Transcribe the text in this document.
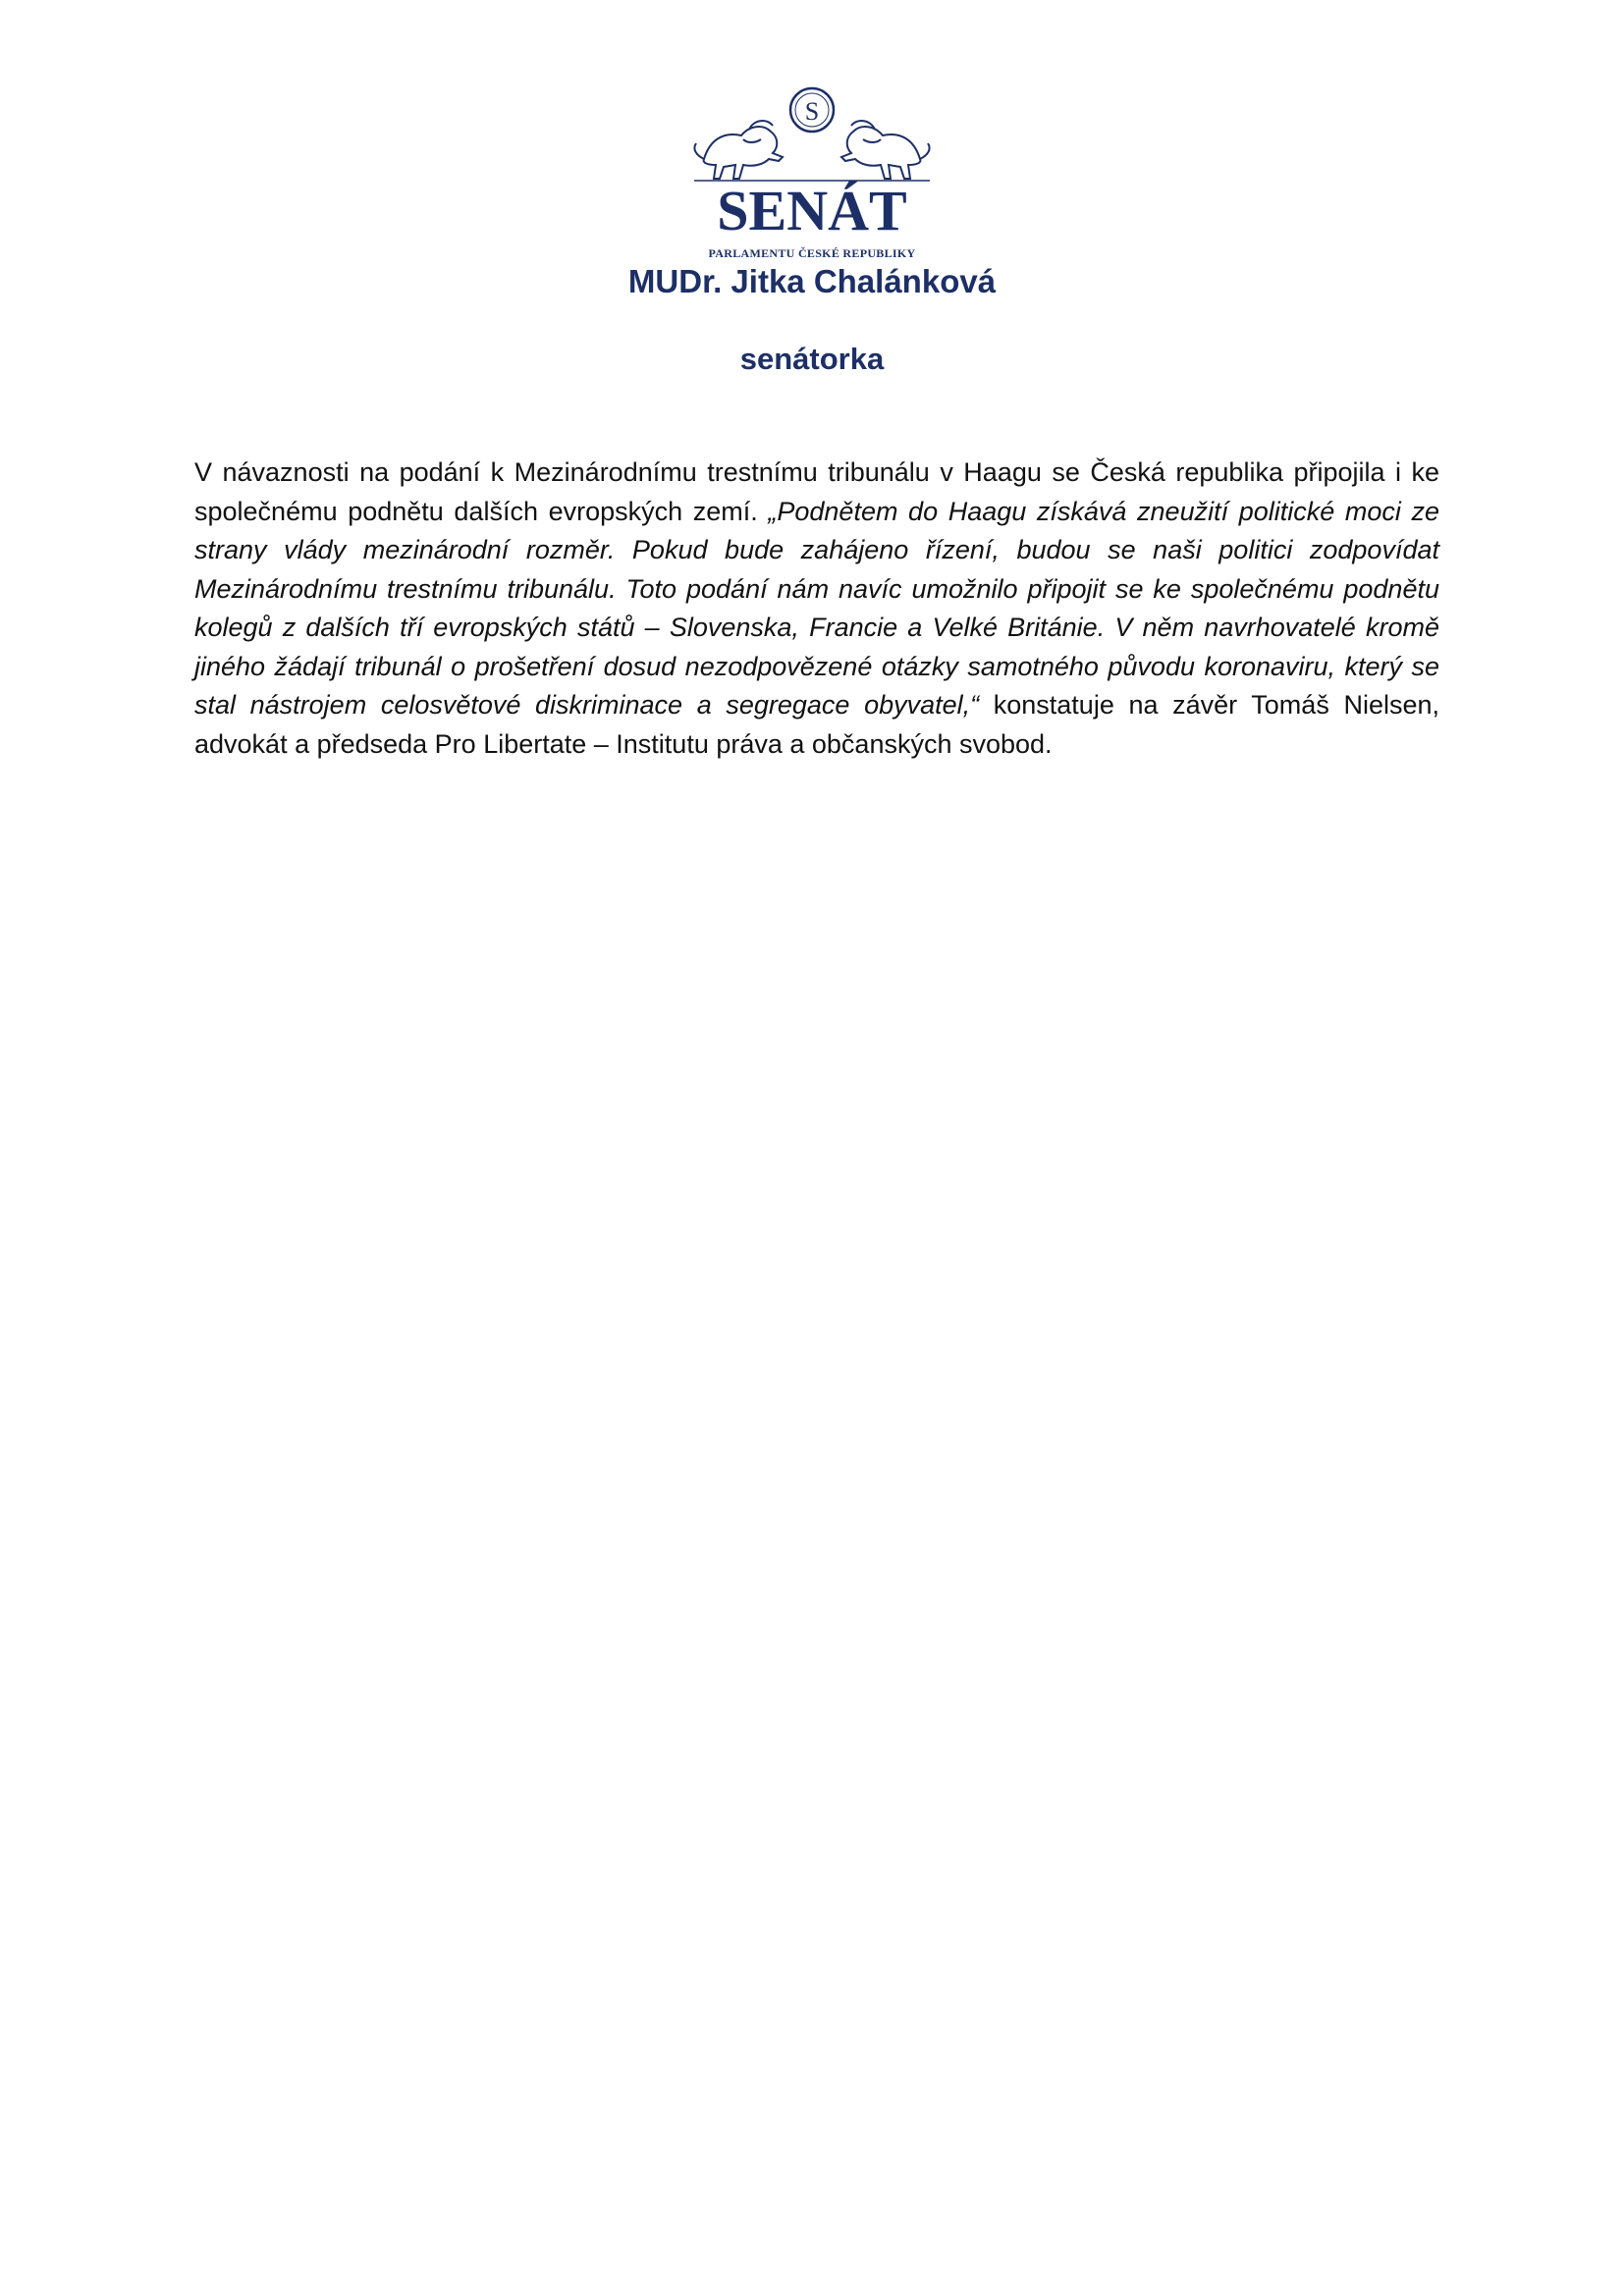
S
SENÁT
PARLAMENTU ČESKÉ REPUBLIKY
MUDr. Jitka Chalánková
senátorka

V návaznosti na podání k Mezinárodnímu trestnímu tribunálu v Haagu se Česká republika připojila i ke společnému podnětu dalších evropských zemí. „Podnětem do Haagu získává zneužití politické moci ze strany vlády mezinárodní rozměr. Pokud bude zahájeno řízení, budou se naši politici zodpovídat Mezinárodnímu trestnímu tribunálu. Toto podání nám navíc umožnilo připojit se ke společnému podnětu kolegů z dalších tří evropských států – Slovenska, Francie a Velké Británie. V něm navrhovatelé kromě jiného žádají tribunál o prošetření dosud nezodpovězené otázky samotného původu koronaviru, který se stal nástrojem celosvětové diskriminace a segregace obyvatel,“ konstatuje na závěr Tomáš Nielsen, advokát a předseda Pro Libertate – Institutu práva a občanských svobod.
